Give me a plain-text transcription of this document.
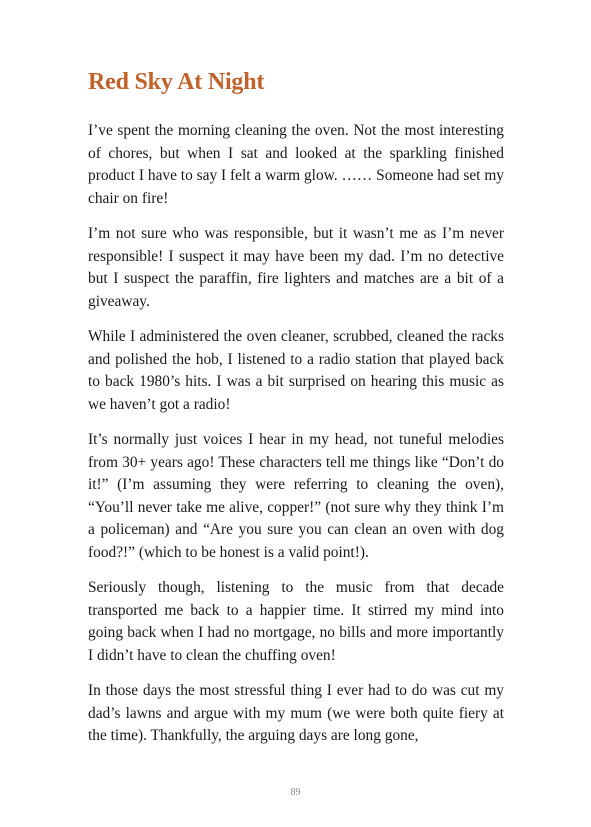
Red Sky At Night

I’ve spent the morning cleaning the oven. Not the most interesting of chores, but when I sat and looked at the sparkling finished product I have to say I felt a warm glow. …… Someone had set my chair on fire!

I’m not sure who was responsible, but it wasn’t me as I’m never responsible! I suspect it may have been my dad. I’m no detective but I suspect the paraffin, fire lighters and matches are a bit of a giveaway.

While I administered the oven cleaner, scrubbed, cleaned the racks and polished the hob, I listened to a radio station that played back to back 1980’s hits. I was a bit surprised on hearing this music as we haven’t got a radio!

It’s normally just voices I hear in my head, not tuneful melodies from 30+ years ago! These characters tell me things like “Don’t do it!” (I’m assuming they were referring to cleaning the oven), “You’ll never take me alive, copper!” (not sure why they think I’m a policeman) and “Are you sure you can clean an oven with dog food?!” (which to be honest is a valid point!).

Seriously though, listening to the music from that decade transported me back to a happier time. It stirred my mind into going back when I had no mortgage, no bills and more importantly I didn’t have to clean the chuffing oven!

In those days the most stressful thing I ever had to do was cut my dad’s lawns and argue with my mum (we were both quite fiery at the time). Thankfully, the arguing days are long gone,

89
